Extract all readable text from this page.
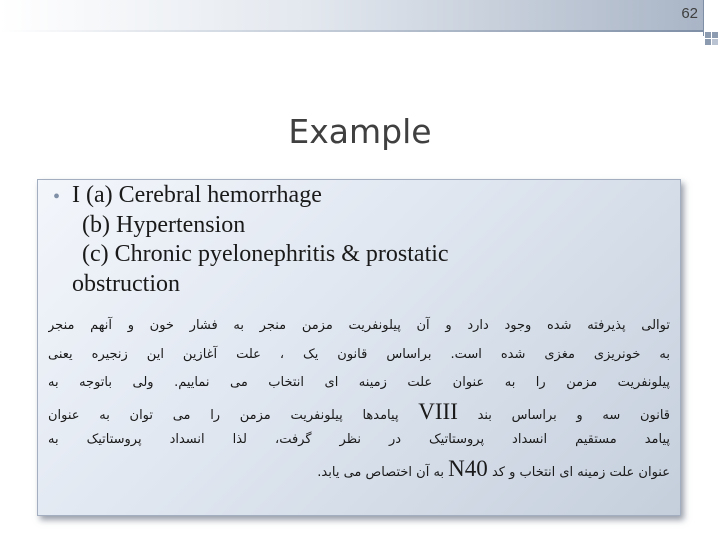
62
Example
• I (a) Cerebral hemorrhage
(b) Hypertension
(c) Chronic pyelonephritis & prostatic
obstruction
توالی پذیرفته شده وجود دارد و آن پیلونفریت مزمن منجر به فشار خون و آنهم منجر
به خونریزی مغزی شده است. براساس قانون یک ، علت آغازین این زنجیره یعنی
پیلونفریت مزمن را به عنوان علت زمینه ای انتخاب می نماییم. ولی باتوجه به
قانون سه و براساس بند VIII پیامدها پیلونفریت مزمن را می توان به عنوان
پیامد مستقیم انسداد پروستاتیک در نظر گرفت، لذا انسداد پروستاتیک به
عنوان علت زمینه ای انتخاب و کد N40 به آن اختصاص می یابد.
